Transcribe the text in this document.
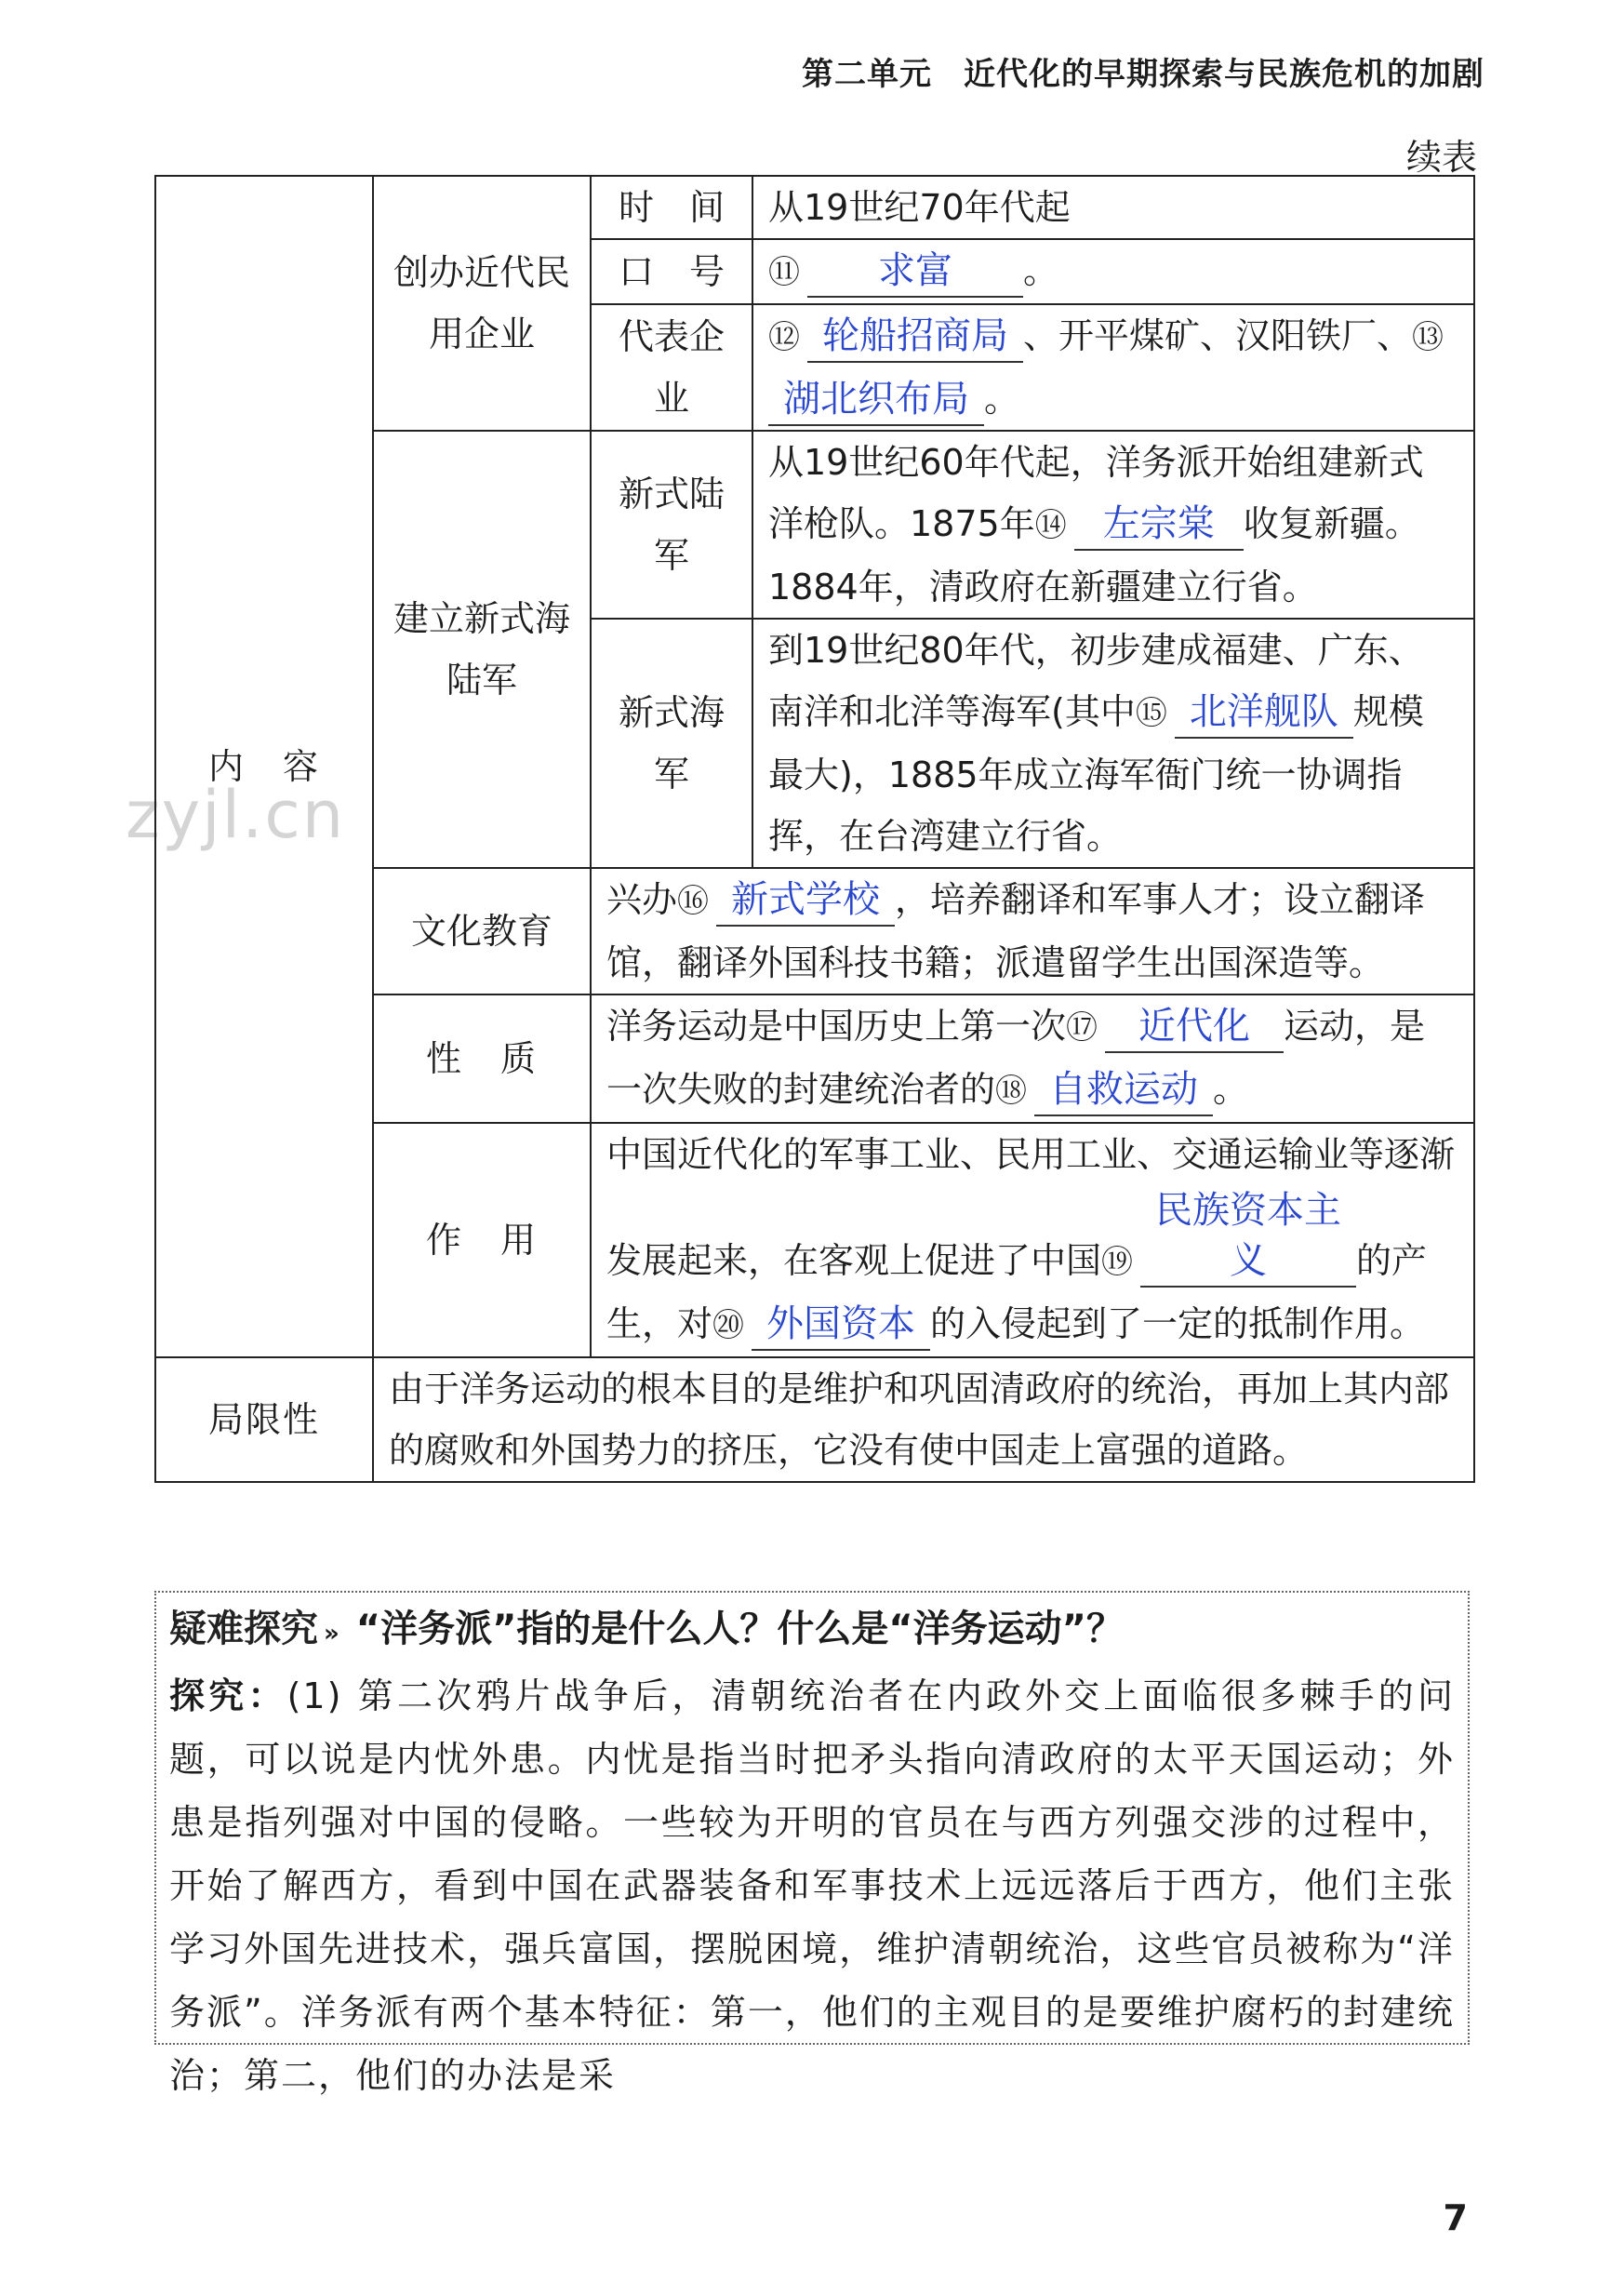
第二单元 近代化的早期探索与民族危机的加剧
续表
zyjl.cn
内　容	创办近代民用企业	时　间	从19世纪70年代起
		口　号	⑪ 求富 。
		代表企业	⑫ 轮船招商局 、开平煤矿、汉阳铁厂、⑬湖北织布局 。
	建立新式海陆军	新式陆军	从19世纪60年代起，洋务派开始组建新式洋枪队。1875年⑭ 左宗棠 收复新疆。1884年，清政府在新疆建立行省。
		新式海军	到19世纪80年代，初步建成福建、广东、南洋和北洋等海军(其中⑮ 北洋舰队 规模最大)，1885年成立海军衙门统一协调指挥，在台湾建立行省。
	文化教育	兴办⑯ 新式学校 ，培养翻译和军事人才；设立翻译馆，翻译外国科技书籍；派遣留学生出国深造等。	
	性　质	洋务运动是中国历史上第一次⑰ 近代化 运动，是一次失败的封建统治者的⑱ 自救运动 。	
	作　用	中国近代化的军事工业、民用工业、交通运输业等逐渐发展起来，在客观上促进了中国⑲民族资本主义 的产生，对⑳ 外国资本 的入侵起到了一定的抵制作用。	
局限性	由于洋务运动的根本目的是维护和巩固清政府的统治，再加上其内部的腐败和外国势力的挤压，它没有使中国走上富强的道路。		
疑难探究 » “洋务派”指的是什么人？什么是“洋务运动”？
探究：(1) 第二次鸦片战争后，清朝统治者在内政外交上面临很多棘手的问题，可以说是内忧外患。内忧是指当时把矛头指向清政府的太平天国运动；外患是指列强对中国的侵略。一些较为开明的官员在与西方列强交涉的过程中，开始了解西方，看到中国在武器装备和军事技术上远远落后于西方，他们主张学习外国先进技术，强兵富国，摆脱困境，维护清朝统治，这些官员被称为“洋务派”。洋务派有两个基本特征：第一，他们的主观目的是要维护腐朽的封建统治；第二，他们的办法是采
7
